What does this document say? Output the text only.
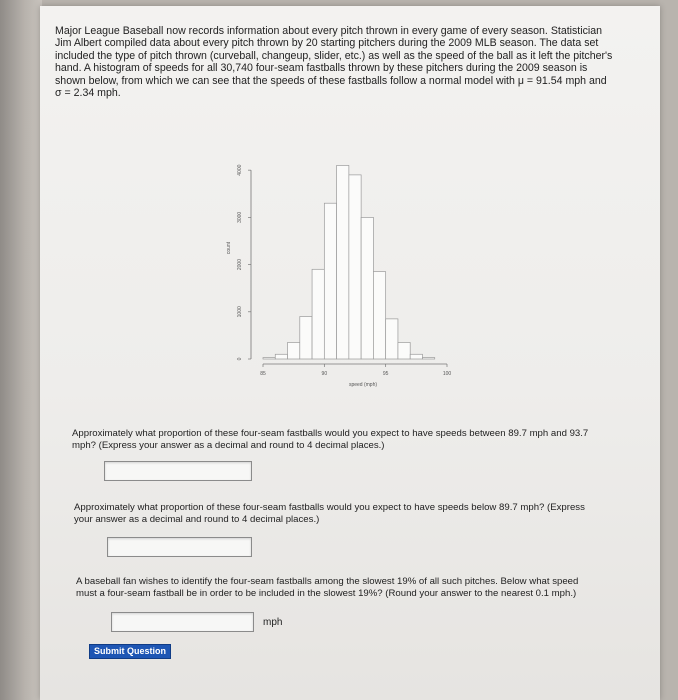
Major League Baseball now records information about every pitch thrown in every game of every season. Statistician Jim Albert compiled data about every pitch thrown by 20 starting pitchers during the 2009 MLB season. The data set included the type of pitch thrown (curveball, changeup, slider, etc.) as well as the speed of the ball as it left the pitcher's hand. A histogram of speeds for all 30,740 four-seam fastballs thrown by these pitchers during the 2009 season is shown below, from which we can see that the speeds of these fastballs follow a normal model with μ = 91.54 mph and σ = 2.34 mph.
85	90	95	100
0
1000
2000
3000
4000
speed (mph)
count
Approximately what proportion of these four-seam fastballs would you expect to have speeds between 89.7 mph and 93.7 mph? (Express your answer as a decimal and round to 4 decimal places.)
Approximately what proportion of these four-seam fastballs would you expect to have speeds below 89.7 mph? (Express your answer as a decimal and round to 4 decimal places.)
A baseball fan wishes to identify the four-seam fastballs among the slowest 19% of all such pitches. Below what speed must a four-seam fastball be in order to be included in the slowest 19%? (Round your answer to the nearest 0.1 mph.)
mph
Submit Question
